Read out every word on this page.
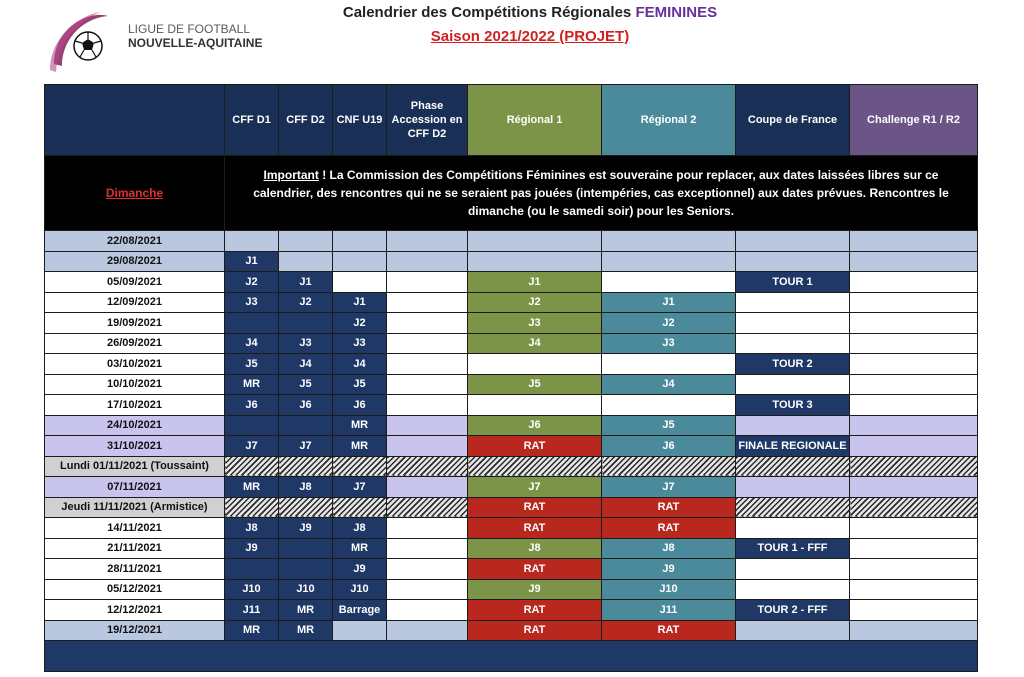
LIGUE DE FOOTBALL
NOUVELLE-AQUITAINE
Calendrier des Compétitions Régionales FEMININES
Saison 2021/2022 (PROJET)
	CFF D1	CFF D2	CNF U19	Phase Accession en CFF D2	Régional 1	Régional 2	Coupe de France	Challenge R1 / R2
Dimanche	Important ! La Commission des Compétitions Féminines est souveraine pour replacer, aux dates laissées libres sur ce calendrier, des rencontres qui ne se seraient pas jouées (intempéries, cas exceptionnel) aux dates prévues. Rencontres le dimanche (ou le samedi soir) pour les Seniors.							
22/08/2021								
29/08/2021	J1							
05/09/2021	J2	J1			J1		TOUR 1	
12/09/2021	J3	J2	J1		J2	J1		
19/09/2021			J2		J3	J2		
26/09/2021	J4	J3	J3		J4	J3		
03/10/2021	J5	J4	J4				TOUR 2	
10/10/2021	MR	J5	J5		J5	J4		
17/10/2021	J6	J6	J6				TOUR 3	
24/10/2021			MR		J6	J5		
31/10/2021	J7	J7	MR		RAT	J6	FINALE REGIONALE	
Lundi 01/11/2021 (Toussaint)								
07/11/2021	MR	J8	J7		J7	J7		
Jeudi 11/11/2021 (Armistice)					RAT	RAT		
14/11/2021	J8	J9	J8		RAT	RAT		
21/11/2021	J9		MR		J8	J8	TOUR 1 - FFF	
28/11/2021			J9		RAT	J9		
05/12/2021	J10	J10	J10		J9	J10		
12/12/2021	J11	MR	Barrage		RAT	J11	TOUR 2 - FFF	
19/12/2021	MR	MR			RAT	RAT		
